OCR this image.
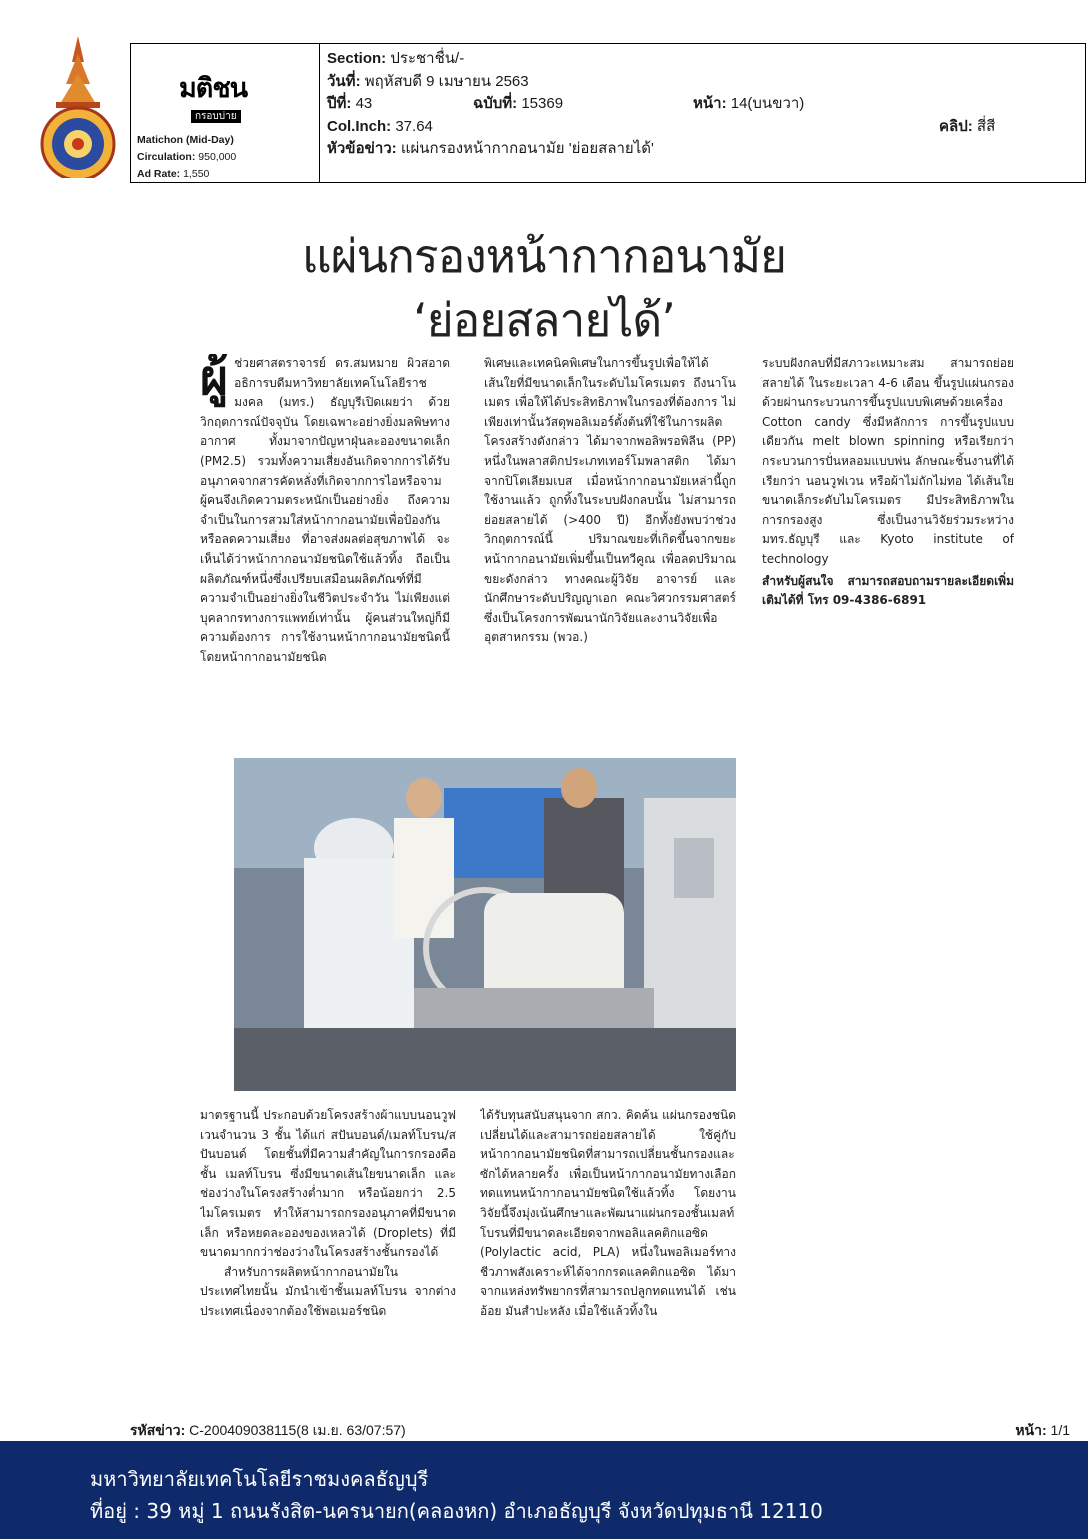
มติชน
กรอบบ่าย
Matichon (Mid-Day)
Circulation: 950,000
Ad Rate: 1,550
Section: ประชาชื่น/-
วันที่: พฤหัสบดี 9 เมษายน 2563
ปีที่: 43	ฉบับที่: 15369	หน้า: 14(บนขวา)
Col.Inch: 37.64	คลิป: สี่สี
หัวข้อข่าว: แผ่นกรองหน้ากากอนามัย 'ย่อยสลายได้'
แผ่นกรองหน้ากากอนามัย
‘ย่อยสลายได้’
ผู้ ช่วยศาสตราจารย์ ดร.สมหมาย ผิวสอาด อธิการบดีมหาวิทยาลัยเทคโนโลยีราชมงคล (มทร.) ธัญบุรีเปิดเผยว่า ด้วยวิกฤตการณ์ปัจจุบัน โดยเฉพาะอย่างยิ่งมลพิษทางอากาศ ทั้งมาจากปัญหาฝุ่นละอองขนาดเล็ก (PM2.5) รวมทั้งความเสี่ยงอันเกิดจากการได้รับอนุภาคจากสารคัดหลั่งที่เกิดจากการไอหรือจาม ผู้คนจึงเกิดความตระหนักเป็นอย่างยิ่ง ถึงความจำเป็นในการสวมใส่หน้ากากอนามัยเพื่อป้องกัน หรือลดความเสี่ยง ที่อาจส่งผลต่อสุขภาพได้ จะเห็นได้ว่าหน้ากากอนามัยชนิดใช้แล้วทิ้ง ถือเป็นผลิตภัณฑ์หนึ่งซึ่งเปรียบเสมือนผลิตภัณฑ์ที่มีความจำเป็นอย่างยิ่งในชีวิตประจำวัน ไม่เพียงแต่บุคลากรทางการแพทย์เท่านั้น ผู้คนส่วนใหญ่ก็มีความต้องการ การใช้งานหน้ากากอนามัยชนิดนี้ โดยหน้ากากอนามัยชนิด
พิเศษและเทคนิคพิเศษในการขึ้นรูปเพื่อให้ได้เส้นใยที่มีขนาดเล็กในระดับไมโครเมตร ถึงนาโนเมตร เพื่อให้ได้ประสิทธิภาพในกรองที่ต้องการ ไม่เพียงเท่านั้นวัสดุพอลิเมอร์ตั้งต้นที่ใช้ในการผลิตโครงสร้างดังกล่าว ได้มาจากพอลิพรอพิลีน (PP) หนึ่งในพลาสติกประเภทเทอร์โมพลาสติก ได้มาจากปิโตเลียมเบส เมื่อหน้ากากอนามัยเหล่านี้ถูกใช้งานแล้ว ถูกทิ้งในระบบฝังกลบนั้น ไม่สามารถย่อยสลายได้ (>400 ปี) อีกทั้งยังพบว่าช่วงวิกฤตการณ์นี้ ปริมาณขยะที่เกิดขึ้นจากขยะหน้ากากอนามัยเพิ่มขึ้นเป็นทวีคูณ เพื่อลดปริมาณขยะดังกล่าว ทางคณะผู้วิจัย อาจารย์ และนักศึกษาระดับปริญญาเอก คณะวิศวกรรมศาสตร์ ซึ่งเป็นโครงการพัฒนานักวิจัยและงานวิจัยเพื่ออุตสาหกรรม (พวอ.)

ระบบฝังกลบที่มีสภาวะเหมาะสม สามารถย่อยสลายได้ ในระยะเวลา 4-6 เดือน ขึ้นรูปแผ่นกรอง ด้วยผ่านกระบวนการขึ้นรูปแบบพิเศษด้วยเครื่อง Cotton candy ซึ่งมีหลักการ การขึ้นรูปแบบเดียวกัน melt blown spinning หรือเรียกว่า กระบวนการปั่นหลอมแบบพ่น ลักษณะชิ้นงานที่ได้ เรียกว่า นอนวูฟเวน หรือผ้าไม่ถักไม่ทอ ได้เส้นใยขนาดเล็กระดับไมโครเมตร มีประสิทธิภาพในการกรองสูง ซึ่งเป็นงานวิจัยร่วมระหว่าง มทร.ธัญบุรี และ Kyoto institute of technology

สำหรับผู้สนใจ สามารถสอบถามรายละเอียดเพิ่มเติมได้ที่ โทร 09-4386-6891

มาตรฐานนี้ ประกอบด้วยโครงสร้างผ้าแบบนอนวูฟเวนจำนวน 3 ชั้น ได้แก่ สปันบอนด์/เมลท์โบรน/สปันบอนด์ โดยชั้นที่มีความสำคัญในการกรองคือชั้น เมลท์โบรน ซึ่งมีขนาดเส้นใยขนาดเล็ก และช่องว่างในโครงสร้างต่ำมาก หรือน้อยกว่า 2.5 ไมโครเมตร ทำให้สามารถกรองอนุภาคที่มีขนาดเล็ก หรือหยดละอองของเหลวได้ (Droplets) ที่มีขนาดมากกว่าช่องว่างในโครงสร้างชั้นกรองได้

สำหรับการผลิตหน้ากากอนามัยในประเทศไทยนั้น มักนำเข้าชั้นเมลท์โบรน จากต่างประเทศเนื่องจากต้องใช้พอเมอร์ชนิด

ได้รับทุนสนับสนุนจาก สกว. คิดค้น แผ่นกรองชนิดเปลี่ยนได้และสามารถย่อยสลายได้ ใช้คู่กับหน้ากากอนามัยชนิดที่สามารถเปลี่ยนชั้นกรองและซักได้หลายครั้ง เพื่อเป็นหน้ากากอนามัยทางเลือกทดแทนหน้ากากอนามัยชนิดใช้แล้วทิ้ง โดยงานวิจัยนี้จึงมุ่งเน้นศึกษาและพัฒนาแผ่นกรองชั้นเมลท์โบรนที่มีขนาดละเอียดจากพอลิแลคติกแอซิด (Polylactic acid, PLA) หนึ่งในพอลิเมอร์ทางชีวภาพสังเคราะห์ได้จากกรดแลคติกแอซิด ได้มาจากแหล่งทรัพยากรที่สามารถปลูกทดแทนได้ เช่น อ้อย มันสำปะหลัง เมื่อใช้แล้วทิ้งใน
รหัสข่าว: C-200409038115(8 เม.ย. 63/07:57)	หน้า: 1/1
มหาวิทยาลัยเทคโนโลยีราชมงคลธัญบุรี
ที่อยู่ : 39 หมู่ 1 ถนนรังสิต-นครนายก(คลองหก) อำเภอธัญบุรี จังหวัดปทุมธานี 12110
